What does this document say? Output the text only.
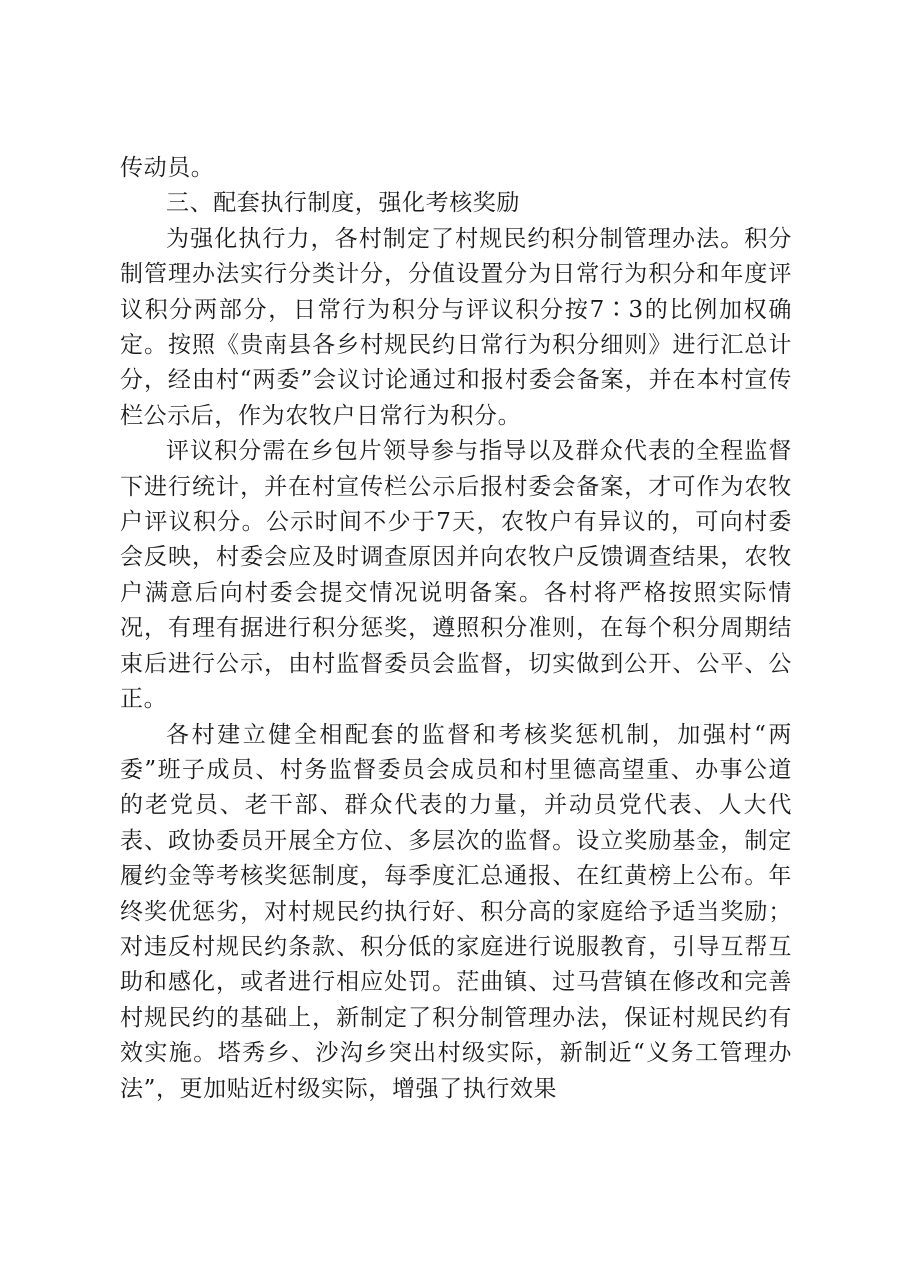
传动员。

三、配套执行制度，强化考核奖励

为强化执行力，各村制定了村规民约积分制管理办法。积分制管理办法实行分类计分，分值设置分为日常行为积分和年度评议积分两部分，日常行为积分与评议积分按7∶3的比例加权确定。按照《贵南县各乡村规民约日常行为积分细则》进行汇总计分，经由村“两委”会议讨论通过和报村委会备案，并在本村宣传栏公示后，作为农牧户日常行为积分。

评议积分需在乡包片领导参与指导以及群众代表的全程监督下进行统计，并在村宣传栏公示后报村委会备案，才可作为农牧户评议积分。公示时间不少于7天，农牧户有异议的，可向村委会反映，村委会应及时调查原因并向农牧户反馈调查结果，农牧户满意后向村委会提交情况说明备案。各村将严格按照实际情况，有理有据进行积分惩奖，遵照积分准则，在每个积分周期结束后进行公示，由村监督委员会监督，切实做到公开、公平、公正。

各村建立健全相配套的监督和考核奖惩机制，加强村“两委”班子成员、村务监督委员会成员和村里德高望重、办事公道的老党员、老干部、群众代表的力量，并动员党代表、人大代表、政协委员开展全方位、多层次的监督。设立奖励基金，制定履约金等考核奖惩制度，每季度汇总通报、在红黄榜上公布。年终奖优惩劣，对村规民约执行好、积分高的家庭给予适当奖励；对违反村规民约条款、积分低的家庭进行说服教育，引导互帮互助和感化，或者进行相应处罚。茫曲镇、过马营镇在修改和完善村规民约的基础上，新制定了积分制管理办法，保证村规民约有效实施。塔秀乡、沙沟乡突出村级实际，新制近“义务工管理办法”，更加贴近村级实际，增强了执行效果
